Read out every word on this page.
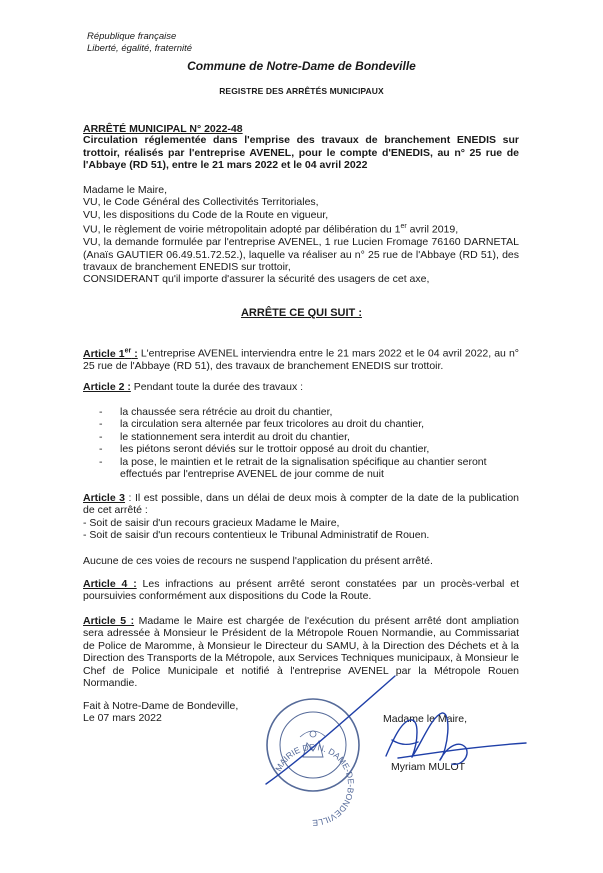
République française
Liberté, égalité, fraternité
Commune de Notre-Dame de Bondeville
REGISTRE DES ARRÊTÉS MUNICIPAUX
ARRÊTÉ MUNICIPAL N° 2022-48
Circulation réglementée dans l'emprise des travaux de branchement ENEDIS sur trottoir, réalisés par l'entreprise AVENEL, pour le compte d'ENEDIS, au n° 25 rue de l'Abbaye (RD 51), entre le 21 mars 2022 et le 04 avril 2022

Madame le Maire,

VU, le Code Général des Collectivités Territoriales,

VU, les dispositions du Code de la Route en vigueur,

VU, le règlement de voirie métropolitain adopté par délibération du 1er avril 2019,

VU, la demande formulée par l'entreprise AVENEL, 1 rue Lucien Fromage 76160 DARNETAL (Anaïs GAUTIER 06.49.51.72.52.), laquelle va réaliser au n° 25 rue de l'Abbaye (RD 51), des travaux de branchement ENEDIS sur trottoir,

CONSIDERANT qu'il importe d'assurer la sécurité des usagers de cet axe,

ARRÊTE CE QUI SUIT :

Article 1er : L'entreprise AVENEL interviendra entre le 21 mars 2022 et le 04 avril 2022, au n° 25 rue de l'Abbaye (RD 51), des travaux de branchement ENEDIS sur trottoir.

Article 2 : Pendant toute la durée des travaux :

- la chaussée sera rétrécie au droit du chantier,
- la circulation sera alternée par feux tricolores au droit du chantier,
- le stationnement sera interdit au droit du chantier,
- les piétons seront déviés sur le trottoir opposé au droit du chantier,
- la pose, le maintien et le retrait de la signalisation spécifique au chantier seront effectués par l'entreprise AVENEL de jour comme de nuit

Article 3 : Il est possible, dans un délai de deux mois à compter de la date de la publication de cet arrêté :

- Soit de saisir d'un recours gracieux Madame le Maire,

- Soit de saisir d'un recours contentieux le Tribunal Administratif de Rouen.

Aucune de ces voies de recours ne suspend l'application du présent arrêté.

Article 4 : Les infractions au présent arrêté seront constatées par un procès-verbal et poursuivies conformément aux dispositions du Code la Route.

Article 5 : Madame le Maire est chargée de l'exécution du présent arrêté dont ampliation sera adressée à Monsieur le Président de la Métropole Rouen Normandie, au Commissariat de Police de Maromme, à Monsieur le Directeur du SAMU, à la Direction des Déchets et à la Direction des Transports de la Métropole, aux Services Techniques municipaux, à Monsieur le Chef de Police Municipale et notifié à l'entreprise AVENEL par la Métropole Rouen Normandie.

Fait à Notre-Dame de Bondeville,
Le 07 mars 2022	Madame le Maire,
Myriam MULOT
MAIRIE DE N. DAME-DE-BONDEVILLE
